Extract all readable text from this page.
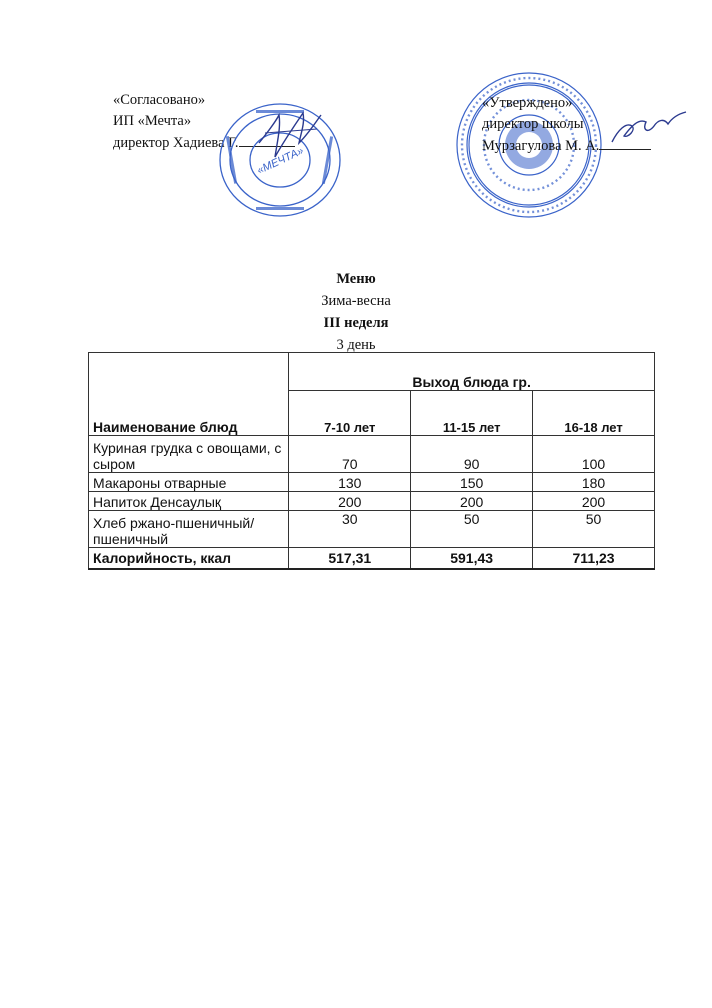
«Согласовано»
ИП «Мечта»
директор Хадиева Г.
«МЕЧТА»
«Утверждено»
директор школы
Мурзагулова М. А.
Меню
Зима-весна
III неделя
3 день
Наименование блюд	Выход блюда гр.		
	7-10 лет	11-15 лет	16-18 лет
Куриная грудка с овощами, с сыром	70	90	100
Макароны отварные	130	150	180
Напиток Денсаулық	200	200	200
Хлеб ржано-пшеничный/пшеничный	30	50	50
Калорийность, ккал	517,31	591,43	711,23
